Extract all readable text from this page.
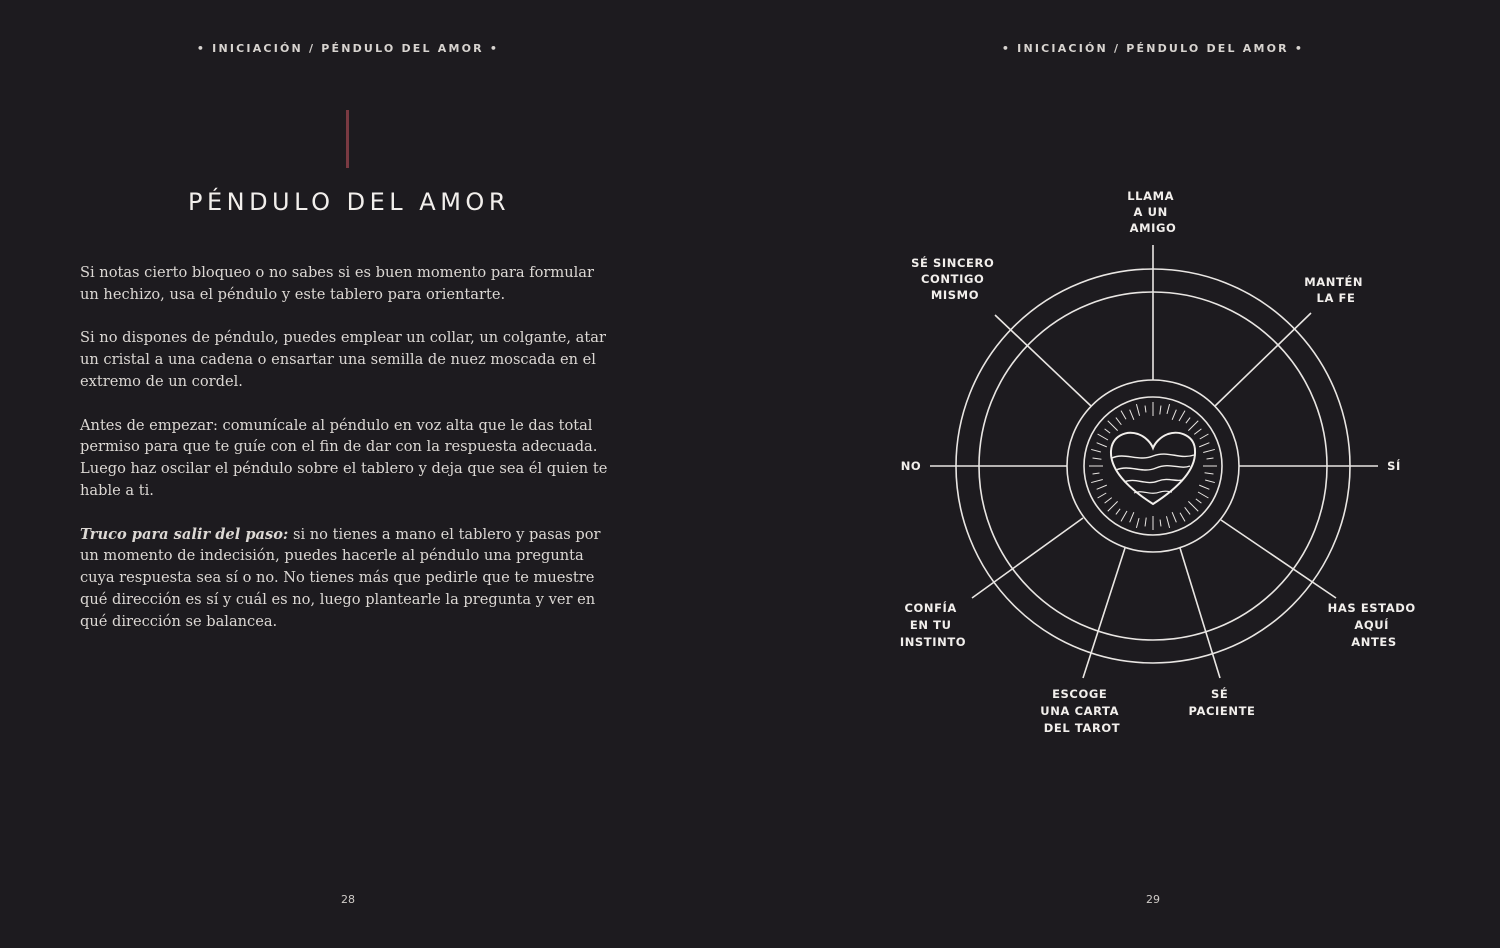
• INICIACIÓN / PÉNDULO DEL AMOR •
PÉNDULO DEL AMOR

Si notas cierto bloqueo o no sabes si es buen momento para formular un hechizo, usa el péndulo y este tablero para orientarte.

Si no dispones de péndulo, puedes emplear un collar, un colgante, atar un cristal a una cadena o ensartar una semilla de nuez moscada en el extremo de un cordel.

Antes de empezar: comunícale al péndulo en voz alta que le das total permiso para que te guíe con el fin de dar con la respuesta adecuada. Luego haz oscilar el péndulo sobre el tablero y deja que sea él quien te hable a ti.

Truco para salir del paso: si no tienes a mano el tablero y pasas por un momento de indecisión, puedes hacerle al péndulo una pregunta cuya respuesta sea sí o no. No tienes más que pedirle que te muestre qué dirección es sí y cuál es no, luego plantearle la pregunta y ver en qué dirección se balancea.

28
• INICIACIÓN / PÉNDULO DEL AMOR •
LLAMA A UN AMIGO
SÉ SINCERO CONTIGO MISMO
MANTÉN LA FE
NO	SÍ
CONFÍA EN TU INSTINTO
HAS ESTADO AQUÍ ANTES
ESCOGE UNA CARTA DEL TAROT
SÉ PACIENTE
29
